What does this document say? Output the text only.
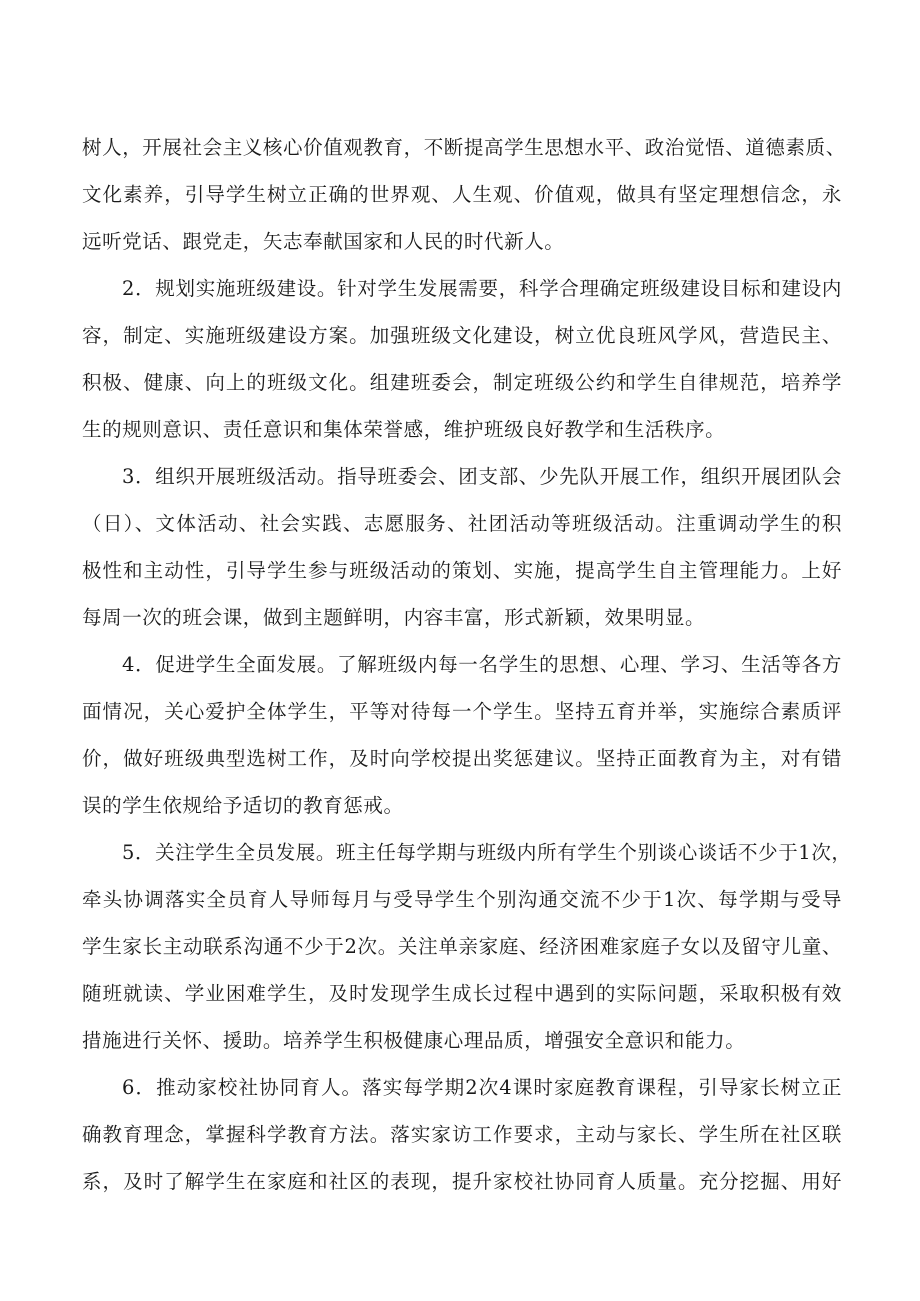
树人，开展社会主义核心价值观教育，不断提高学生思想水平、政治觉悟、道德素质、
文化素养，引导学生树立正确的世界观、人生观、价值观，做具有坚定理想信念，永
远听党话、跟党走，矢志奉献国家和人民的时代新人。
2．规划实施班级建设。针对学生发展需要，科学合理确定班级建设目标和建设内
容，制定、实施班级建设方案。加强班级文化建设，树立优良班风学风，营造民主、
积极、健康、向上的班级文化。组建班委会，制定班级公约和学生自律规范，培养学
生的规则意识、责任意识和集体荣誉感，维护班级良好教学和生活秩序。
3．组织开展班级活动。指导班委会、团支部、少先队开展工作，组织开展团队会
（日）、文体活动、社会实践、志愿服务、社团活动等班级活动。注重调动学生的积
极性和主动性，引导学生参与班级活动的策划、实施，提高学生自主管理能力。上好
每周一次的班会课，做到主题鲜明，内容丰富，形式新颖，效果明显。
4．促进学生全面发展。了解班级内每一名学生的思想、心理、学习、生活等各方
面情况，关心爱护全体学生，平等对待每一个学生。坚持五育并举，实施综合素质评
价，做好班级典型选树工作，及时向学校提出奖惩建议。坚持正面教育为主，对有错
误的学生依规给予适切的教育惩戒。
5．关注学生全员发展。班主任每学期与班级内所有学生个别谈心谈话不少于1次，
牵头协调落实全员育人导师每月与受导学生个别沟通交流不少于1次、每学期与受导
学生家长主动联系沟通不少于2次。关注单亲家庭、经济困难家庭子女以及留守儿童、
随班就读、学业困难学生，及时发现学生成长过程中遇到的实际问题，采取积极有效
措施进行关怀、援助。培养学生积极健康心理品质，增强安全意识和能力。
6．推动家校社协同育人。落实每学期2次4课时家庭教育课程，引导家长树立正
确教育理念，掌握科学教育方法。落实家访工作要求，主动与家长、学生所在社区联
系，及时了解学生在家庭和社区的表现，提升家校社协同育人质量。充分挖掘、用好
